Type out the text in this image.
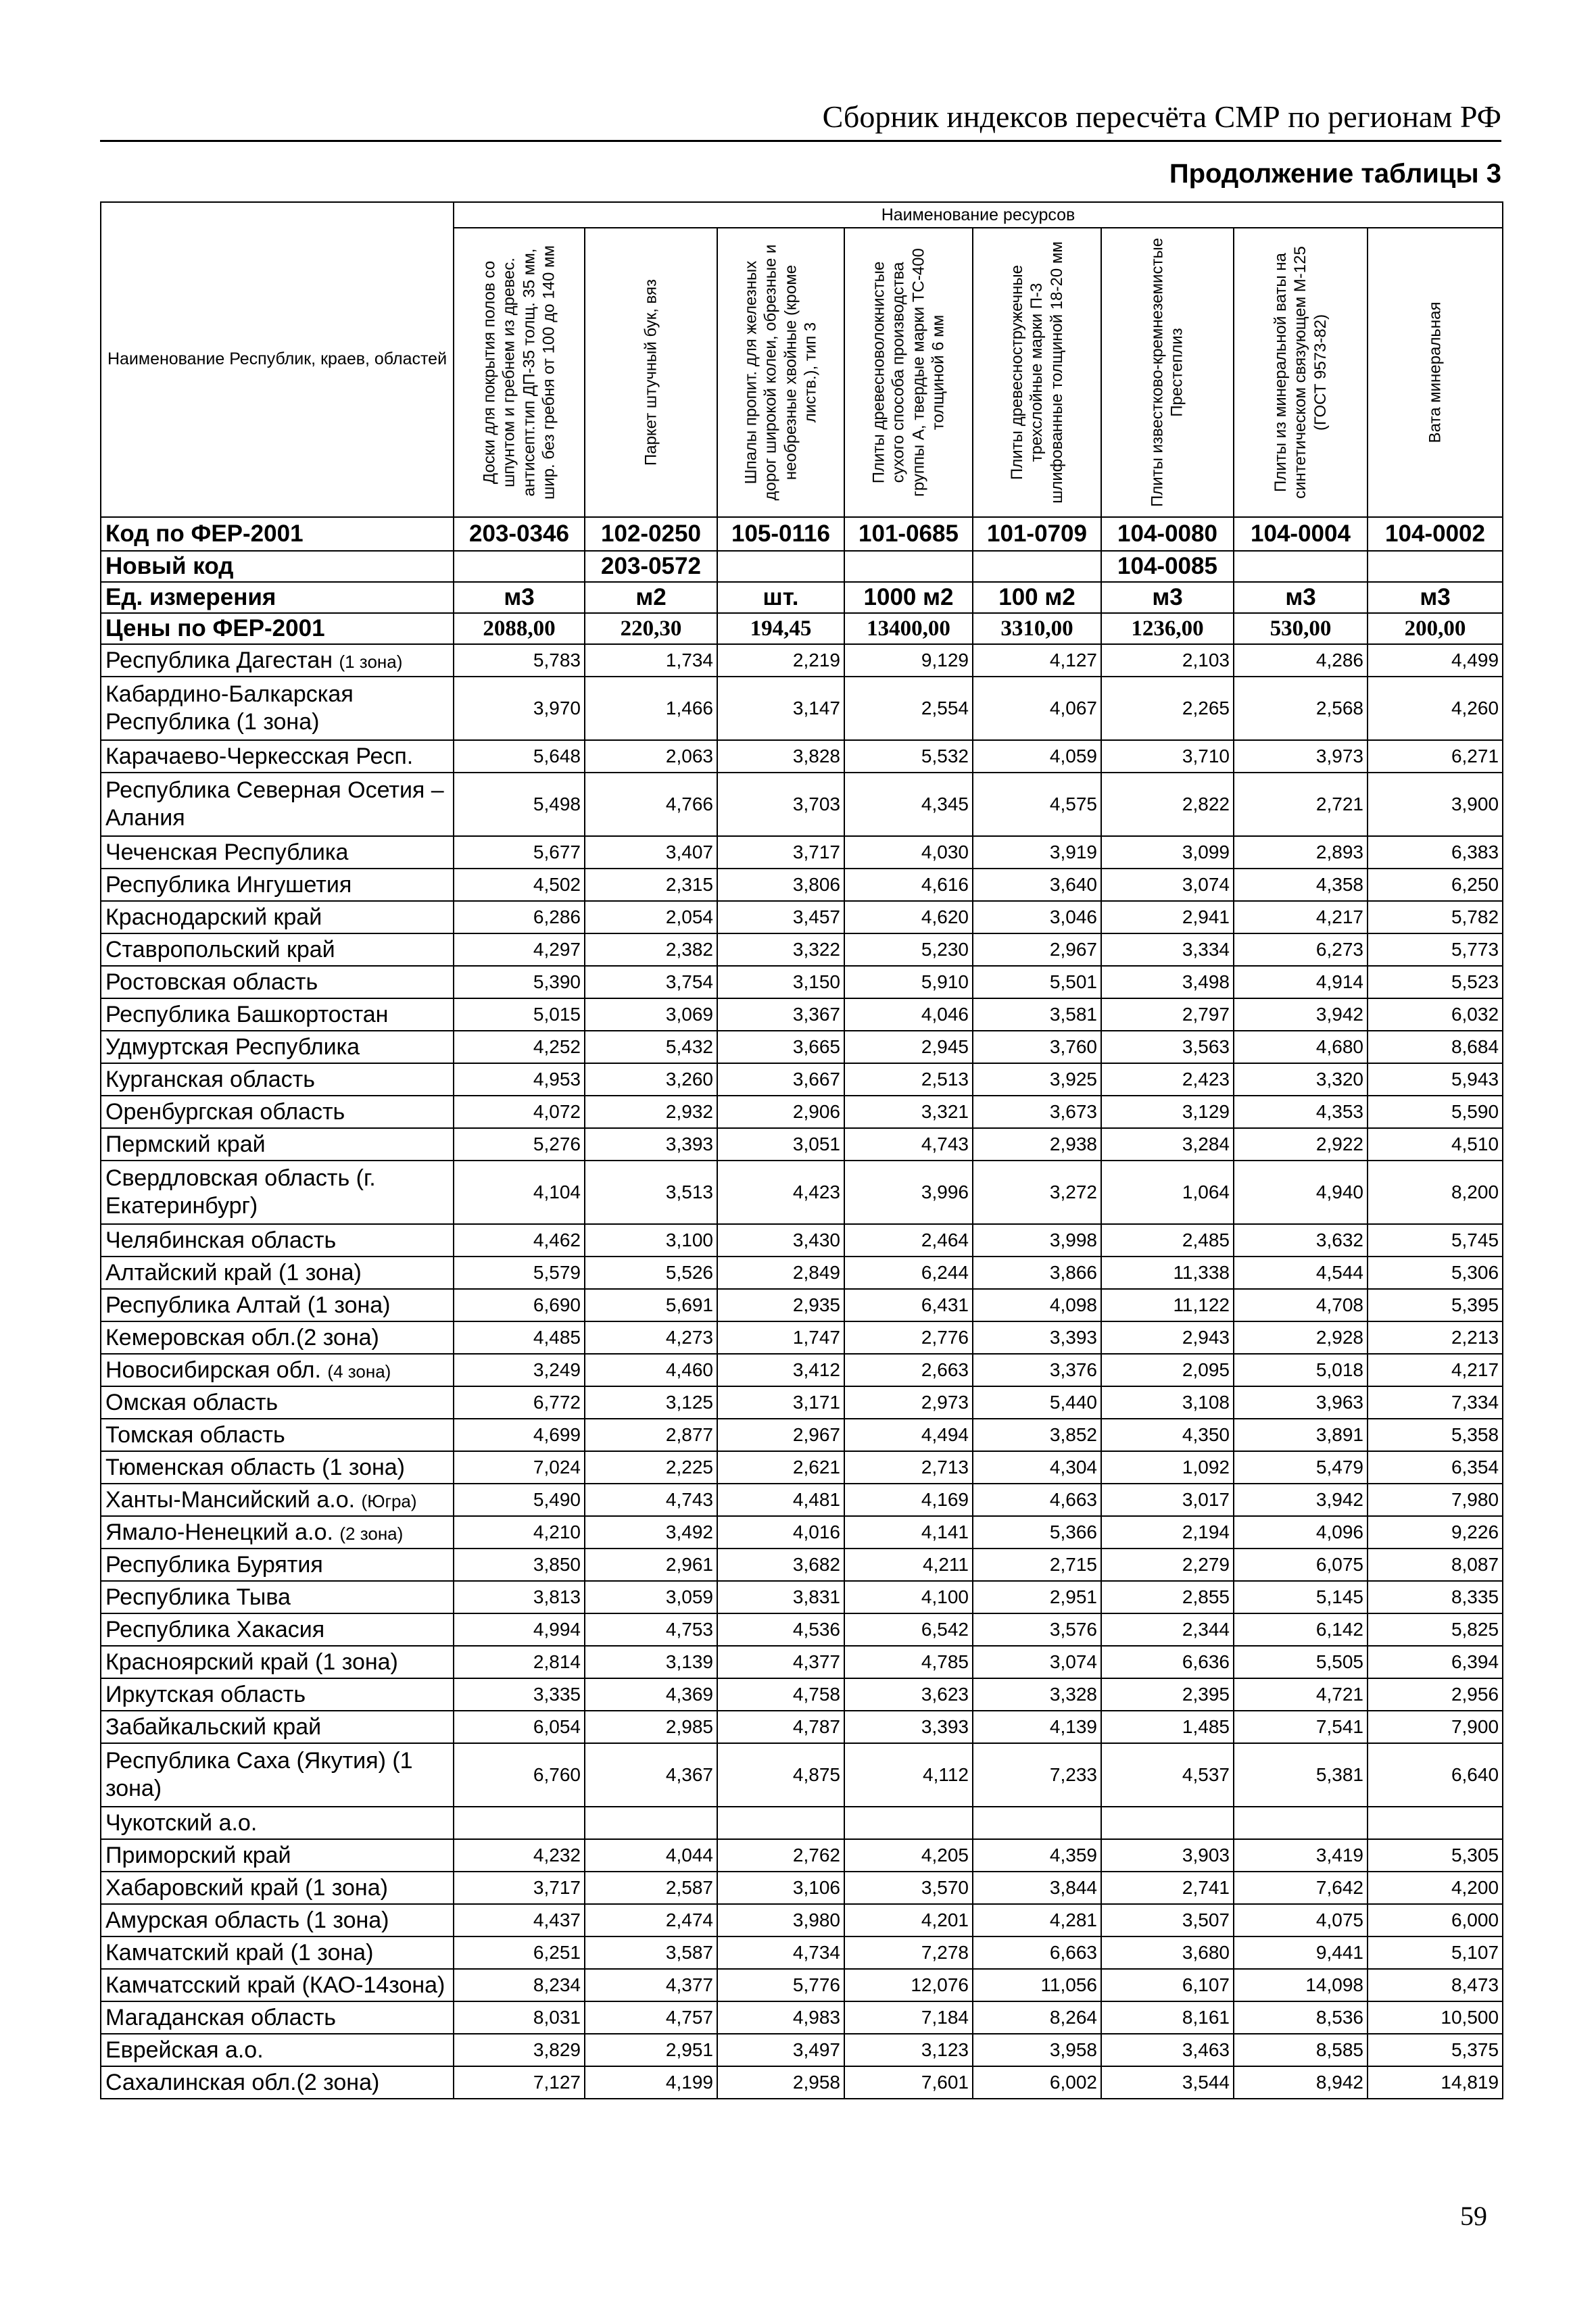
Сборник индексов пересчёта СМР по регионам РФ
Продолжение таблицы 3
Наименование Республик, краев, областей	Наименование ресурсов							

	Доски для покрытия полов со шпунтом и гребнем из древес. антисепт.тип ДП-35 толщ. 35 мм, шир. без гребня от 100 до 140 мм	Паркет штучный бук, вяз	Шпалы пропит. для железных дорог широкой колеи, обрезные и необрезные хвойные (кроме листв.), тип 3	Плиты древесноволокнистые сухого способа производства группы А, твердые марки ТС-400 толщиной 6 мм	Плиты древесностружечные трехслойные марки П-3 шлифованные толщиной 18-20 мм	Плиты известково-кремнеземистые Престеплиз	Плиты из минеральной ваты на синтетическом связующем М-125 (ГОСТ 9573-82)	Вата минеральная

Код по ФЕР-2001	203-0346	102-0250	105-0116	101-0685	101-0709	104-0080	104-0004	104-0002
Новый код		203-0572				104-0085		
Ед. измерения	м3	м2	шт.	1000 м2	100 м2	м3	м3	м3
Цены по ФЕР-2001	2088,00	220,30	194,45	13400,00	3310,00	1236,00	530,00	200,00
Республика Дагестан (1 зона)	5,783	1,734	2,219	9,129	4,127	2,103	4,286	4,499
Кабардино-Балкарская Республика (1 зона)	3,970	1,466	3,147	2,554	4,067	2,265	2,568	4,260
Карачаево-Черкесская Респ.	5,648	2,063	3,828	5,532	4,059	3,710	3,973	6,271
Республика Северная Осетия – Алания	5,498	4,766	3,703	4,345	4,575	2,822	2,721	3,900
Чеченская Республика	5,677	3,407	3,717	4,030	3,919	3,099	2,893	6,383
Республика Ингушетия	4,502	2,315	3,806	4,616	3,640	3,074	4,358	6,250
Краснодарский край	6,286	2,054	3,457	4,620	3,046	2,941	4,217	5,782
Ставропольский край	4,297	2,382	3,322	5,230	2,967	3,334	6,273	5,773
Ростовская область	5,390	3,754	3,150	5,910	5,501	3,498	4,914	5,523
Республика Башкортостан	5,015	3,069	3,367	4,046	3,581	2,797	3,942	6,032
Удмуртская Республика	4,252	5,432	3,665	2,945	3,760	3,563	4,680	8,684
Курганская область	4,953	3,260	3,667	2,513	3,925	2,423	3,320	5,943
Оренбургская область	4,072	2,932	2,906	3,321	3,673	3,129	4,353	5,590
Пермский край	5,276	3,393	3,051	4,743	2,938	3,284	2,922	4,510
Свердловская область (г. Екатеринбург)	4,104	3,513	4,423	3,996	3,272	1,064	4,940	8,200
Челябинская область	4,462	3,100	3,430	2,464	3,998	2,485	3,632	5,745
Алтайский край (1 зона)	5,579	5,526	2,849	6,244	3,866	11,338	4,544	5,306
Республика Алтай (1 зона)	6,690	5,691	2,935	6,431	4,098	11,122	4,708	5,395
Кемеровская обл.(2 зона)	4,485	4,273	1,747	2,776	3,393	2,943	2,928	2,213
Новосибирская обл. (4 зона)	3,249	4,460	3,412	2,663	3,376	2,095	5,018	4,217
Омская область	6,772	3,125	3,171	2,973	5,440	3,108	3,963	7,334
Томская область	4,699	2,877	2,967	4,494	3,852	4,350	3,891	5,358
Тюменская область (1 зона)	7,024	2,225	2,621	2,713	4,304	1,092	5,479	6,354
Ханты-Мансийский а.о. (Югра)	5,490	4,743	4,481	4,169	4,663	3,017	3,942	7,980
Ямало-Ненецкий а.о. (2 зона)	4,210	3,492	4,016	4,141	5,366	2,194	4,096	9,226
Республика Бурятия	3,850	2,961	3,682	4,211	2,715	2,279	6,075	8,087
Республика Тыва	3,813	3,059	3,831	4,100	2,951	2,855	5,145	8,335
Республика Хакасия	4,994	4,753	4,536	6,542	3,576	2,344	6,142	5,825
Красноярский край (1 зона)	2,814	3,139	4,377	4,785	3,074	6,636	5,505	6,394
Иркутская область	3,335	4,369	4,758	3,623	3,328	2,395	4,721	2,956
Забайкальский край	6,054	2,985	4,787	3,393	4,139	1,485	7,541	7,900
Республика Саха (Якутия) (1 зона)	6,760	4,367	4,875	4,112	7,233	4,537	5,381	6,640
Чукотский а.о.								
Приморский край	4,232	4,044	2,762	4,205	4,359	3,903	3,419	5,305
Хабаровский край (1 зона)	3,717	2,587	3,106	3,570	3,844	2,741	7,642	4,200
Амурская область (1 зона)	4,437	2,474	3,980	4,201	4,281	3,507	4,075	6,000
Камчатский край (1 зона)	6,251	3,587	4,734	7,278	6,663	3,680	9,441	5,107
Камчатсский край (КАО-14зона)	8,234	4,377	5,776	12,076	11,056	6,107	14,098	8,473
Магаданская область	8,031	4,757	4,983	7,184	8,264	8,161	8,536	10,500
Еврейская а.о.	3,829	2,951	3,497	3,123	3,958	3,463	8,585	5,375
Сахалинская обл.(2 зона)	7,127	4,199	2,958	7,601	6,002	3,544	8,942	14,819
59
